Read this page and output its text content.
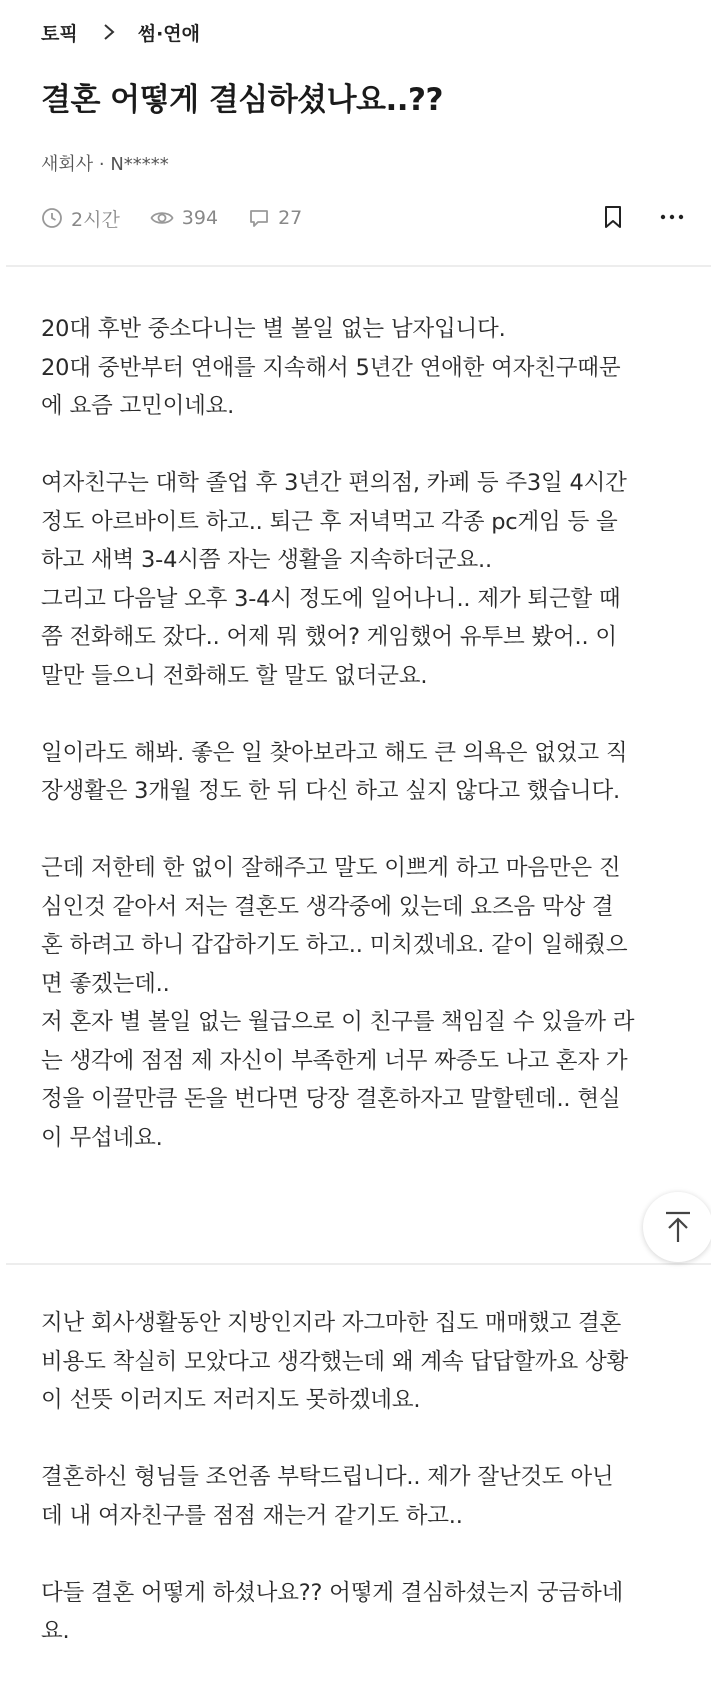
토픽	썸·연애
결혼 어떻게 결심하셨나요..??
새회사 · N*****
2시간	394	27
20대 후반 중소다니는 별 볼일 없는 남자입니다.
20대 중반부터 연애를 지속해서 5년간 연애한 여자친구때문
에 요즘 고민이네요.

여자친구는 대학 졸업 후 3년간 편의점, 카페 등 주3일 4시간
정도 아르바이트 하고.. 퇴근 후 저녁먹고 각종 pc게임 등 을
하고 새벽 3-4시쯤 자는 생활을 지속하더군요..
그리고 다음날 오후 3-4시 정도에 일어나니.. 제가 퇴근할 때
쯤 전화해도 잤다.. 어제 뭐 했어? 게임했어 유투브 봤어.. 이
말만 들으니 전화해도 할 말도 없더군요.

일이라도 해봐. 좋은 일 찾아보라고 해도 큰 의욕은 없었고 직
장생활은 3개월 정도 한 뒤 다신 하고 싶지 않다고 했습니다.

근데 저한테 한 없이 잘해주고 말도 이쁘게 하고 마음만은 진
심인것 같아서 저는 결혼도 생각중에 있는데 요즈음 막상 결
혼 하려고 하니 갑갑하기도 하고.. 미치겠네요. 같이 일해줬으
면 좋겠는데..
저 혼자 별 볼일 없는 월급으로 이 친구를 책임질 수 있을까 라
는 생각에 점점 제 자신이 부족한게 너무 짜증도 나고 혼자 가
정을 이끌만큼 돈을 번다면 당장 결혼하자고 말할텐데.. 현실
이 무섭네요.
지난 회사생활동안 지방인지라 자그마한 집도 매매했고 결혼
비용도 착실히 모았다고 생각했는데 왜 계속 답답할까요 상황
이 선뜻 이러지도 저러지도 못하겠네요.

결혼하신 형님들 조언좀 부탁드립니다.. 제가 잘난것도 아닌
데 내 여자친구를 점점 재는거 같기도 하고..

다들 결혼 어떻게 하셨나요?? 어떻게 결심하셨는지 궁금하네
요.
